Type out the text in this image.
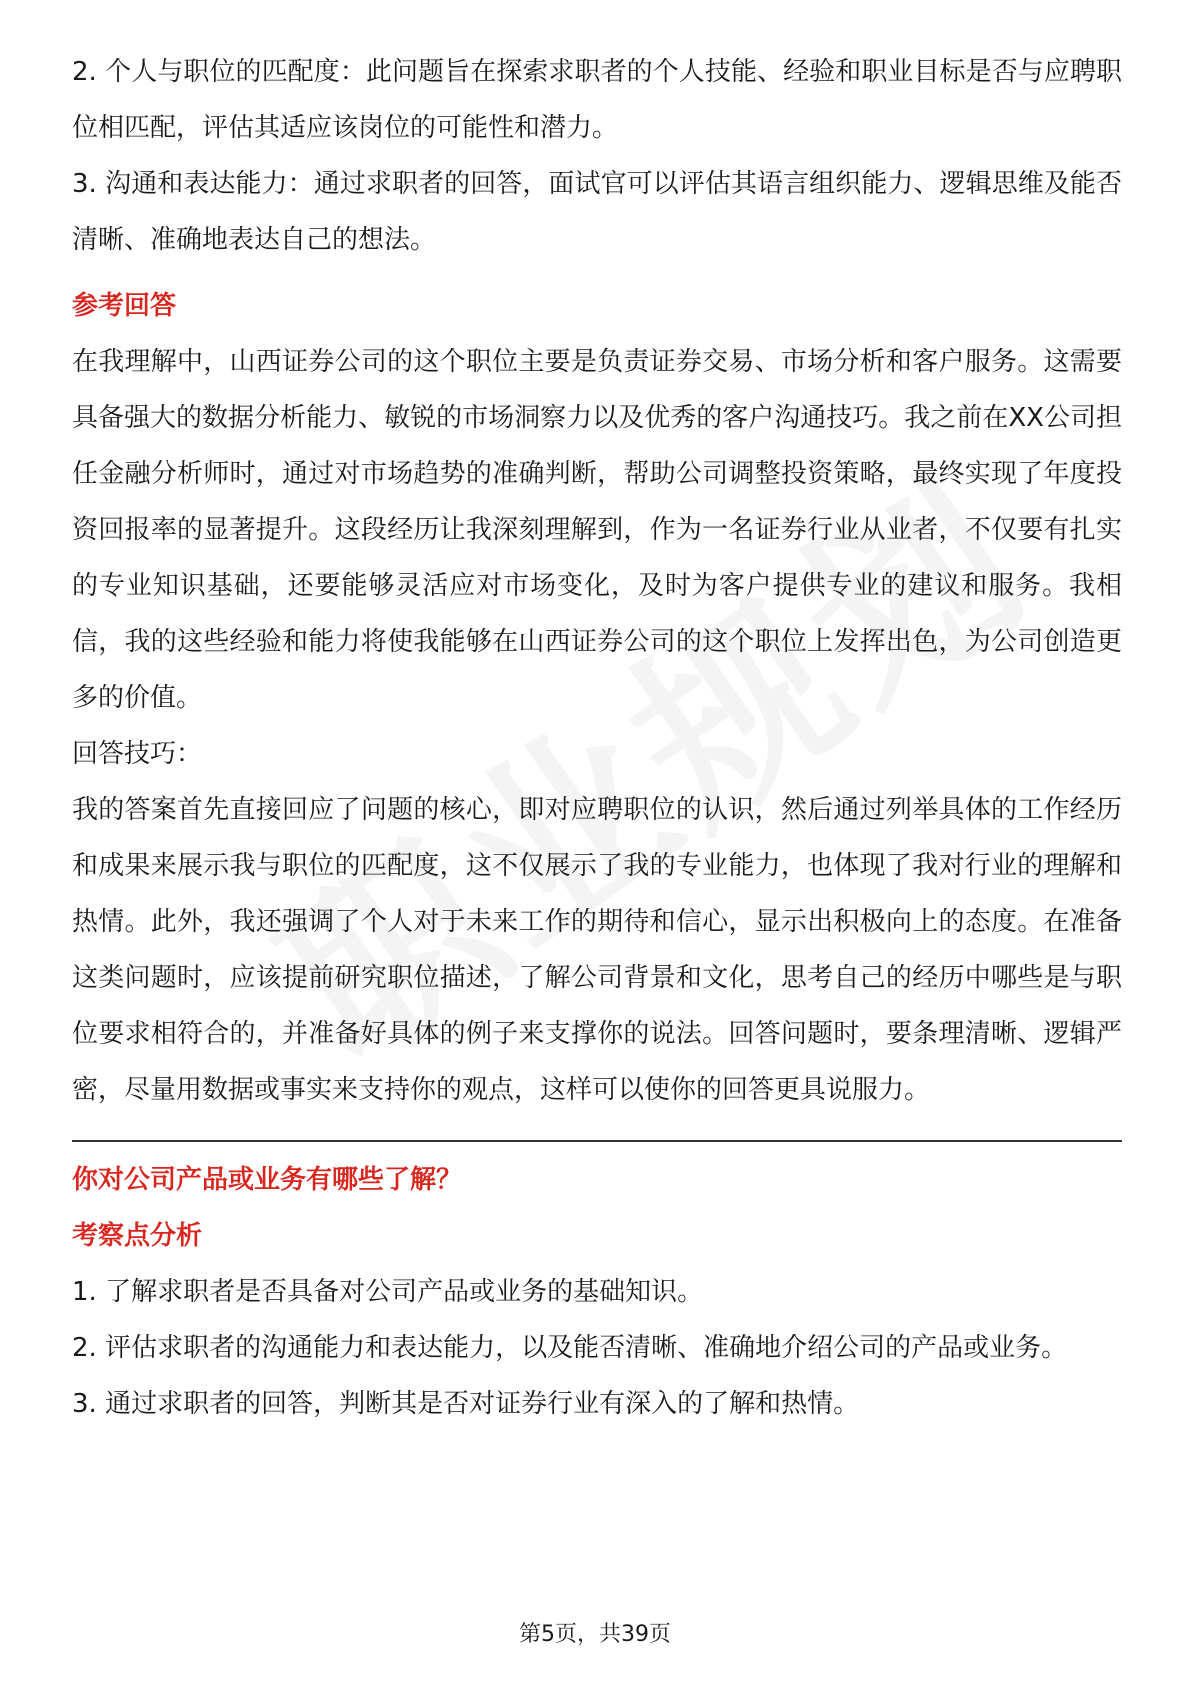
2. 个人与职位的匹配度：此问题旨在探索求职者的个人技能、经验和职业目标是否与应聘职位相匹配，评估其适应该岗位的可能性和潜力。

3. 沟通和表达能力：通过求职者的回答，面试官可以评估其语言组织能力、逻辑思维及能否清晰、准确地表达自己的想法。

参考回答

在我理解中，山西证券公司的这个职位主要是负责证券交易、市场分析和客户服务。这需要具备强大的数据分析能力、敏锐的市场洞察力以及优秀的客户沟通技巧。我之前在XX公司担任金融分析师时，通过对市场趋势的准确判断，帮助公司调整投资策略，最终实现了年度投资回报率的显著提升。这段经历让我深刻理解到，作为一名证券行业从业者，不仅要有扎实的专业知识基础，还要能够灵活应对市场变化，及时为客户提供专业的建议和服务。我相信，我的这些经验和能力将使我能够在山西证券公司的这个职位上发挥出色，为公司创造更多的价值。

回答技巧：

我的答案首先直接回应了问题的核心，即对应聘职位的认识，然后通过列举具体的工作经历和成果来展示我与职位的匹配度，这不仅展示了我的专业能力，也体现了我对行业的理解和热情。此外，我还强调了个人对于未来工作的期待和信心，显示出积极向上的态度。在准备这类问题时，应该提前研究职位描述，了解公司背景和文化，思考自己的经历中哪些是与职位要求相符合的，并准备好具体的例子来支撑你的说法。回答问题时，要条理清晰、逻辑严密，尽量用数据或事实来支持你的观点，这样可以使你的回答更具说服力。

你对公司产品或业务有哪些了解？

考察点分析

1. 了解求职者是否具备对公司产品或业务的基础知识。

2. 评估求职者的沟通能力和表达能力，以及能否清晰、准确地介绍公司的产品或业务。

3. 通过求职者的回答，判断其是否对证券行业有深入的了解和热情。

第5页，共39页
